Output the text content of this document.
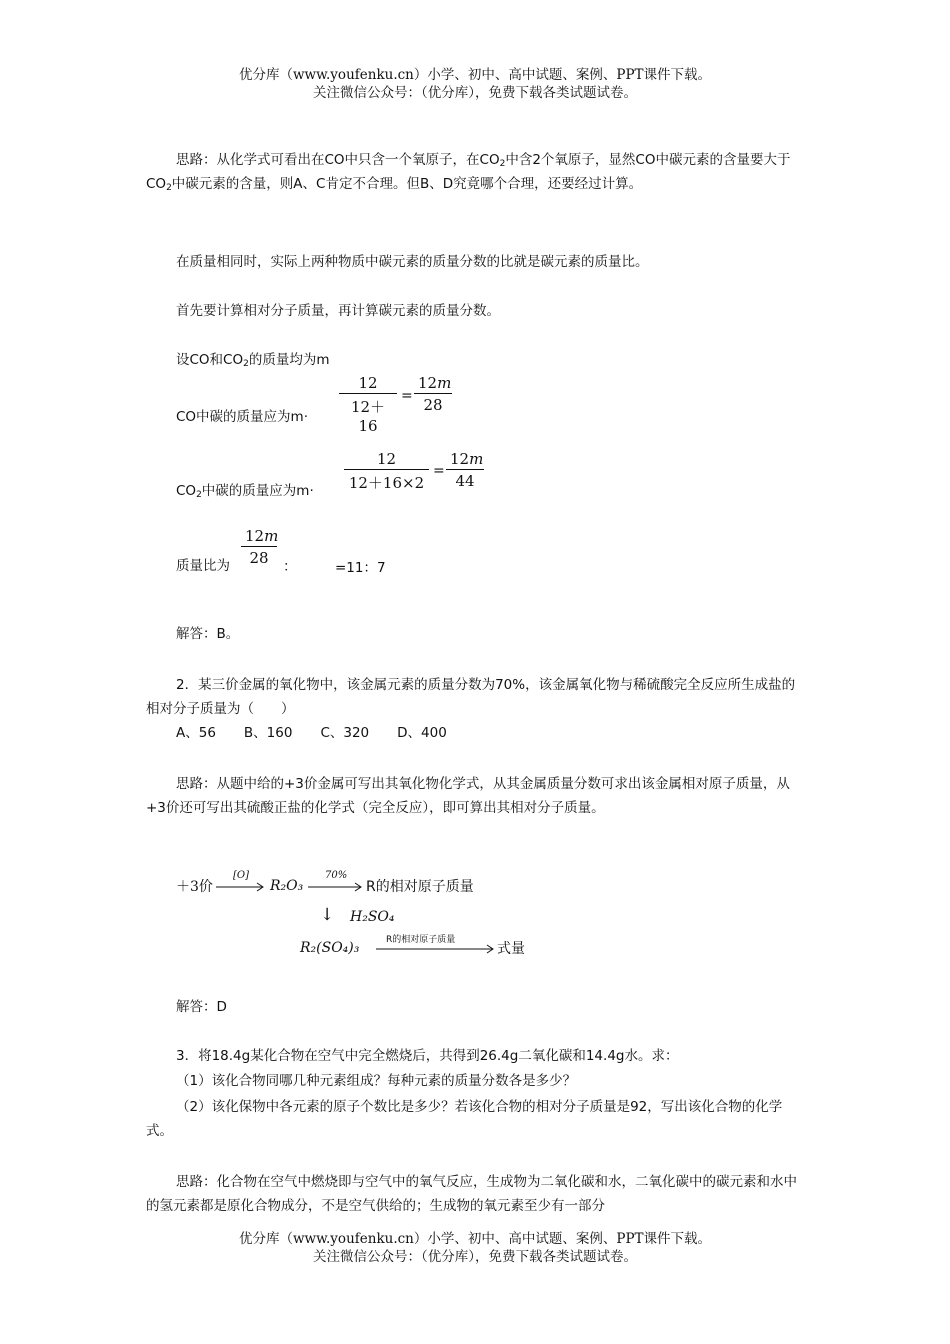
优分库（www.youfenku.cn）小学、初中、高中试题、案例、PPT课件下载。
关注微信公众号：（优分库），免费下载各类试题试卷。
思路：从化学式可看出在CO中只含一个氧原子，在$CO_2$中含2个氧原子，显然CO中碳元素的含量要大于$CO_2$中碳元素的含量，则A、C肯定不合理。但B、D究竟哪个合理，还要经过计算。
在质量相同时，实际上两种物质中碳元素的质量分数的比就是碳元素的质量比。
首先要计算相对分子质量，再计算碳元素的质量分数。
设CO和$CO_2$的质量均为m
CO中碳的质量应为$m\cdot \frac{12}{12+16} = \frac{12m}{28}$
$CO_2$中碳的质量应为$m\cdot \frac{12}{12+16\times 2} = \frac{12m}{44}$
质量比为 $\frac{12m}{28}$ ：	=11：7
解答：B。
2．某三价金属的氧化物中，该金属元素的质量分数为70%，该金属氧化物与稀硫酸完全反应所生成盐的相对分子质量为（　　）
A、56 B、160 C、320 D、400
思路：从题中给的+3价金属可写出其氧化物化学式，从其金属质量分数可求出该金属相对原子质量，从+3价还可写出其硫酸正盐的化学式（完全反应），即可算出其相对分子质量。
＋3价
[O]
R₂O₃
70%
R的相对原子质量
↓ H₂SO₄
R₂(SO₄)₃	R的相对原子质量
式量
解答：D
3．将18.4g某化合物在空气中完全燃烧后，共得到26.4g二氧化碳和14.4g水。求：
（1）该化合物同哪几种元素组成？每种元素的质量分数各是多少？
（2）该化保物中各元素的原子个数比是多少？若该化合物的相对分子质量是92，写出该化合物的化学式。
思路：化合物在空气中燃烧即与空气中的氧气反应，生成物为二氧化碳和水，二氧化碳中的碳元素和水中的氢元素都是原化合物成分，不是空气供给的；生成物的氧元素至少有一部分
优分库（www.youfenku.cn）小学、初中、高中试题、案例、PPT课件下载。
关注微信公众号：（优分库），免费下载各类试题试卷。
